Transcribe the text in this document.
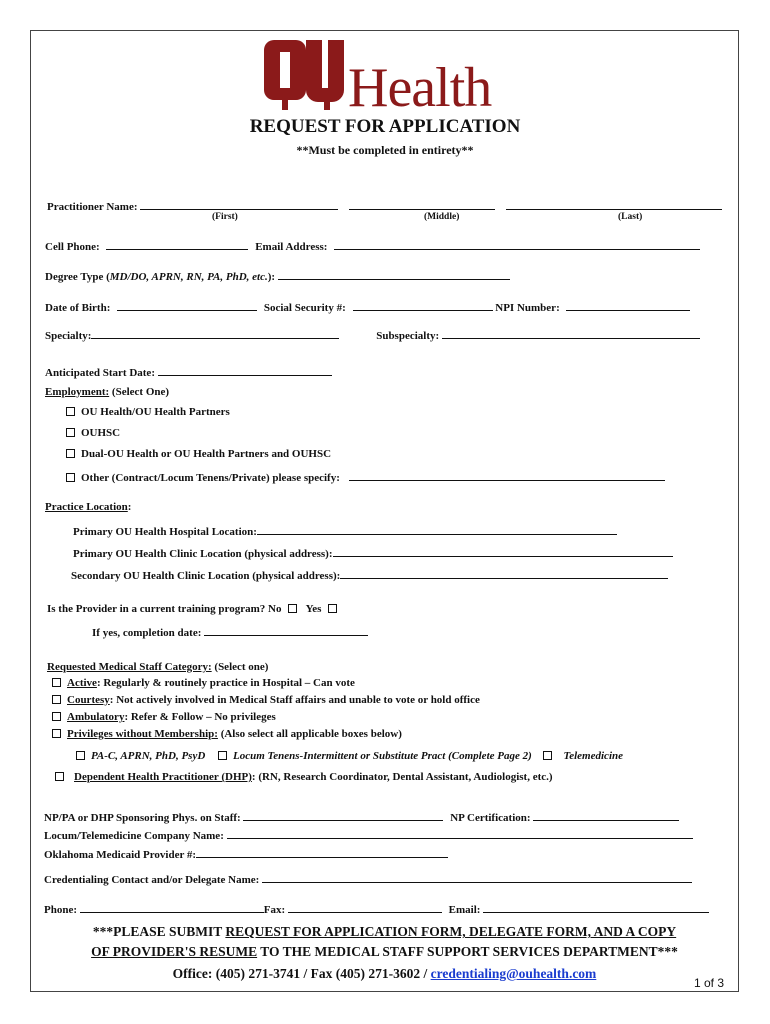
Health
REQUEST FOR APPLICATION
**Must be completed in entirety**
Practitioner Name:
(First)	(Middle)	(Last)
Cell Phone:	Email Address:
Degree Type (MD/DO, APRN, RN, PA, PhD, etc.):
Date of Birth:	Social Security #:	NPI Number:
Specialty:	Subspecialty:
Anticipated Start Date:
Employment: (Select One)
OU Health/OU Health Partners
OUHSC
Dual-OU Health or OU Health Partners and OUHSC
Other (Contract/Locum Tenens/Private) please specify:
Practice Location:
Primary OU Health Hospital Location:
Primary OU Health Clinic Location (physical address):
Secondary OU Health Clinic Location (physical address):
Is the Provider in a current training program? No Yes
If yes, completion date:
Requested Medical Staff Category: (Select one)
Active: Regularly & routinely practice in Hospital – Can vote
Courtesy: Not actively involved in Medical Staff affairs and unable to vote or hold office
Ambulatory: Refer & Follow – No privileges
Privileges without Membership: (Also select all applicable boxes below)
PA-C, APRN, PhD, PsyD	Locum Tenens-Intermittent or Substitute Pract (Complete Page 2)	Telemedicine
Dependent Health Practitioner (DHP): (RN, Research Coordinator, Dental Assistant, Audiologist, etc.)
NP/PA or DHP Sponsoring Phys. on Staff:	NP Certification:
Locum/Telemedicine Company Name:
Oklahoma Medicaid Provider #:
Credentialing Contact and/or Delegate Name:
Phone:	Fax:	Email:
***PLEASE SUBMIT REQUEST FOR APPLICATION FORM, DELEGATE FORM, AND A COPY
OF PROVIDER'S RESUME TO THE MEDICAL STAFF SUPPORT SERVICES DEPARTMENT***
Office: (405) 271-3741 / Fax (405) 271-3602 / credentialing@ouhealth.com
1 of 3
